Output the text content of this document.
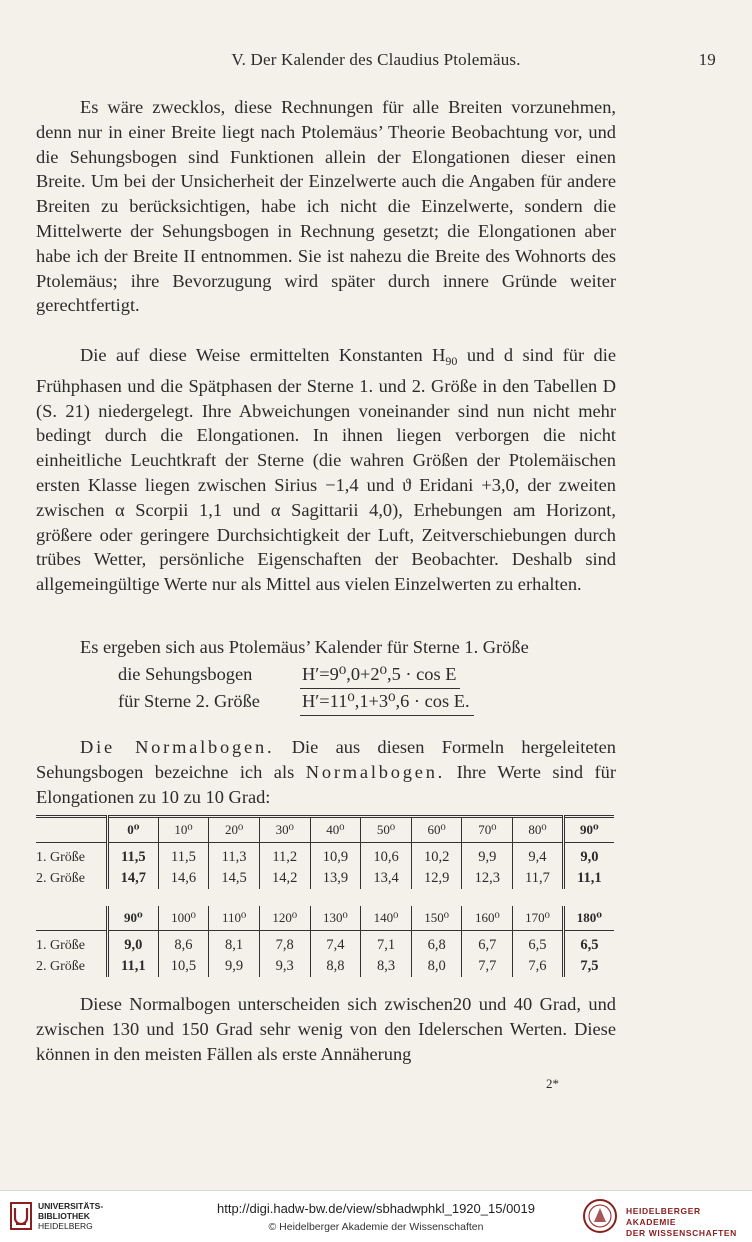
V. Der Kalender des Claudius Ptolemäus.	19
Es wäre zwecklos, diese Rechnungen für alle Breiten vorzunehmen, denn nur in einer Breite liegt nach Ptolemäus’ Theorie Beobachtung vor, und die Sehungsbogen sind Funktionen allein der Elongationen dieser einen Breite. Um bei der Unsicherheit der Einzelwerte auch die Angaben für andere Breiten zu berücksichtigen, habe ich nicht die Einzelwerte, sondern die Mittelwerte der Sehungsbogen in Rechnung gesetzt; die Elongationen aber habe ich der Breite II entnommen. Sie ist nahezu die Breite des Wohnorts des Ptolemäus; ihre Bevorzugung wird später durch innere Gründe weiter gerechtfertigt.
Die auf diese Weise ermittelten Konstanten $H_{90}$ und d sind für die Frühphasen und die Spätphasen der Sterne 1. und 2. Größe in den Tabellen D (S. 21) niedergelegt. Ihre Abweichungen voneinander sind nun nicht mehr bedingt durch die Elongationen. In ihnen liegen verborgen die nicht einheitliche Leuchtkraft der Sterne (die wahren Größen der Ptolemäischen ersten Klasse liegen zwischen Sirius −1,4 und ϑ Eridani +3,0, der zweiten zwischen α Scorpii 1,1 und α Sagittarii 4,0), Erhebungen am Horizont, größere oder geringere Durchsichtigkeit der Luft, Zeitverschiebungen durch trübes Wetter, persönliche Eigenschaften der Beobachter. Deshalb sind allgemeingültige Werte nur als Mittel aus vielen Einzelwerten zu erhalten.
Es ergeben sich aus Ptolemäus’ Kalender für Sterne 1. Größe
die Sehungsbogen	H′=9⁰,0+2⁰,5 · cos E
für Sterne 2. Größe H′=11⁰,1+3⁰,6 · cos E.
Die Normalbogen. Die aus diesen Formeln hergeleiteten Sehungsbogen bezeichne ich als Normalbogen. Ihre Werte sind für Elongationen zu 10 zu 10 Grad:
	0⁰	10⁰	20⁰	30⁰	40⁰	50⁰	60⁰	70⁰	80⁰	90⁰
1. Größe	11,5	11,5	11,3	11,2	10,9	10,6	10,2	9,9	9,4	9,0
2. Größe	14,7	14,6	14,5	14,2	13,9	13,4	12,9	12,3	11,7	11,1
	90⁰	100⁰	110⁰	120⁰	130⁰	140⁰	150⁰	160⁰	170⁰	180⁰
1. Größe	9,0	8,6	8,1	7,8	7,4	7,1	6,8	6,7	6,5	6,5
2. Größe	11,1	10,5	9,9	9,3	8,8	8,3	8,0	7,7	7,6	7,5
Diese Normalbogen unterscheiden sich zwischen20 und 40 Grad, und zwischen 130 und 150 Grad sehr wenig von den Idelerschen Werten. Diese können in den meisten Fällen als erste Annäherung
2*
UNIVERSITÄTS-
BIBLIOTHEK
HEIDELBERG
http://digi.hadw-bw.de/view/sbhadwphkl_1920_15/0019
© Heidelberger Akademie der Wissenschaften
HEIDELBERGER AKADEMIE
DER WISSENSCHAFTEN
